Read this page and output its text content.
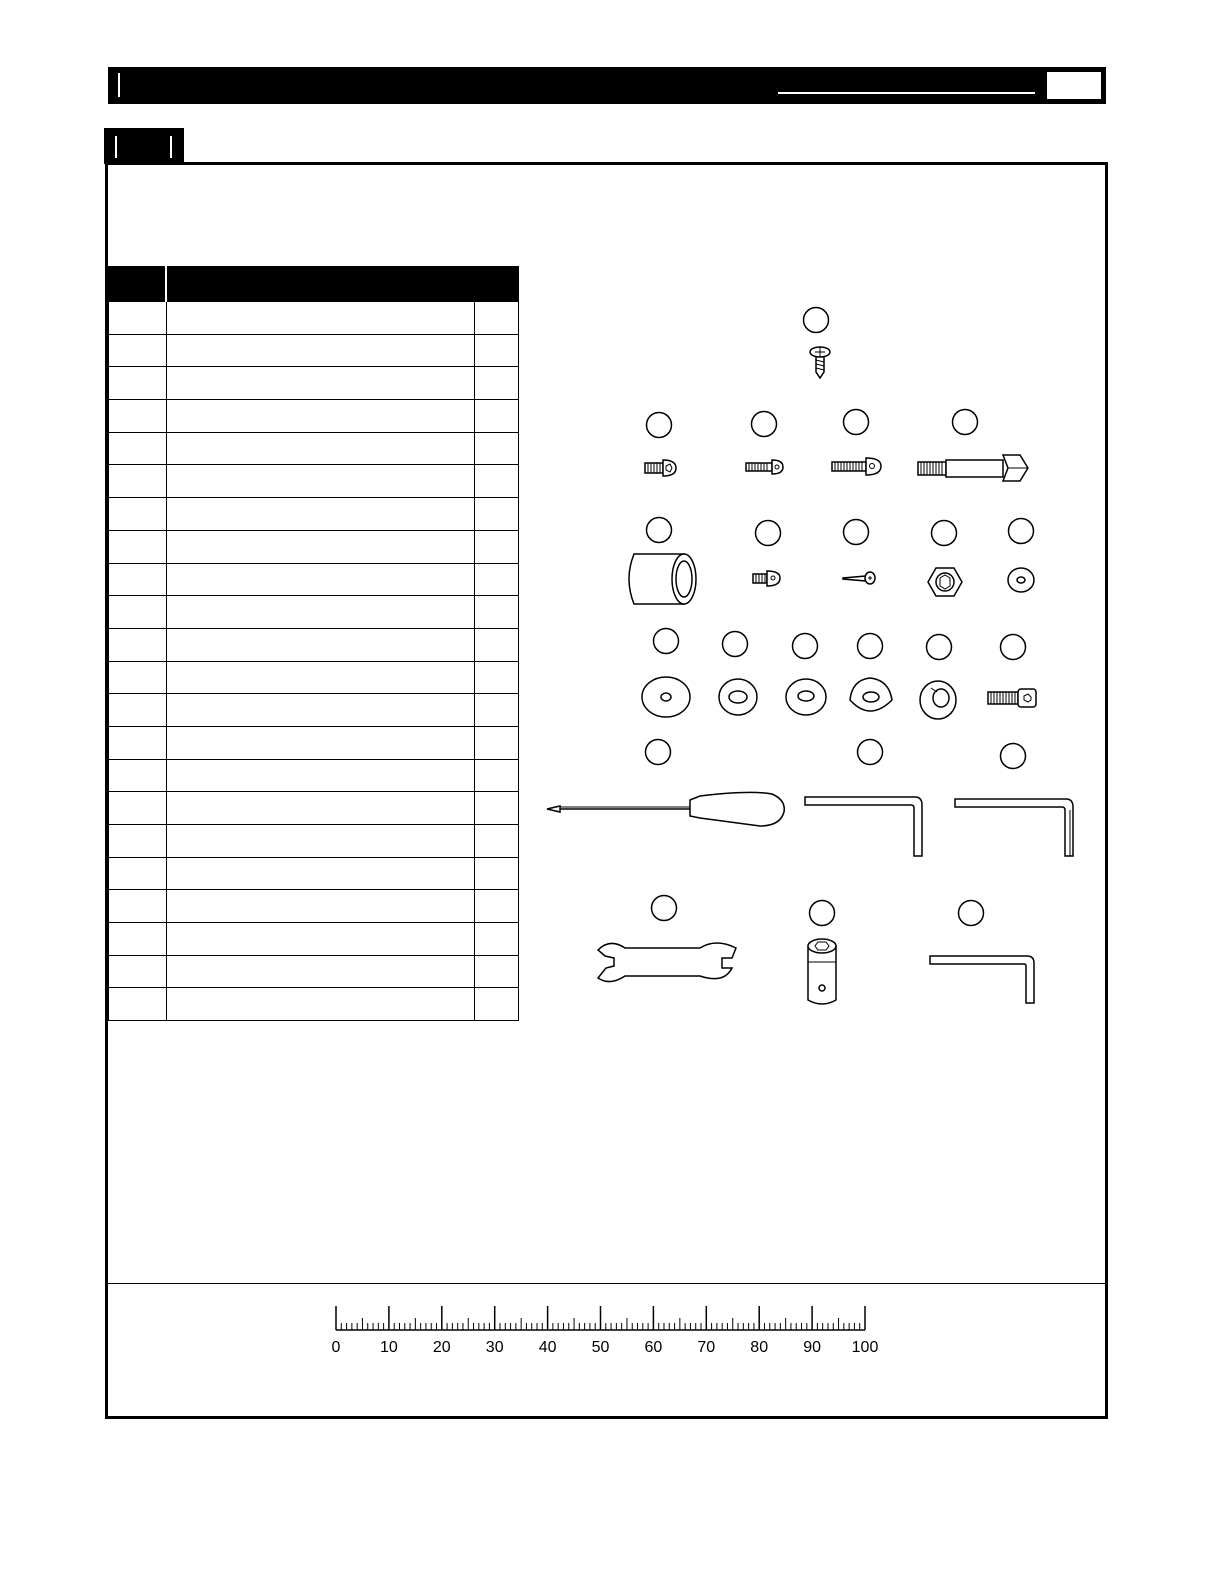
0 10 20 30 40 50 60 70 80 90 100
